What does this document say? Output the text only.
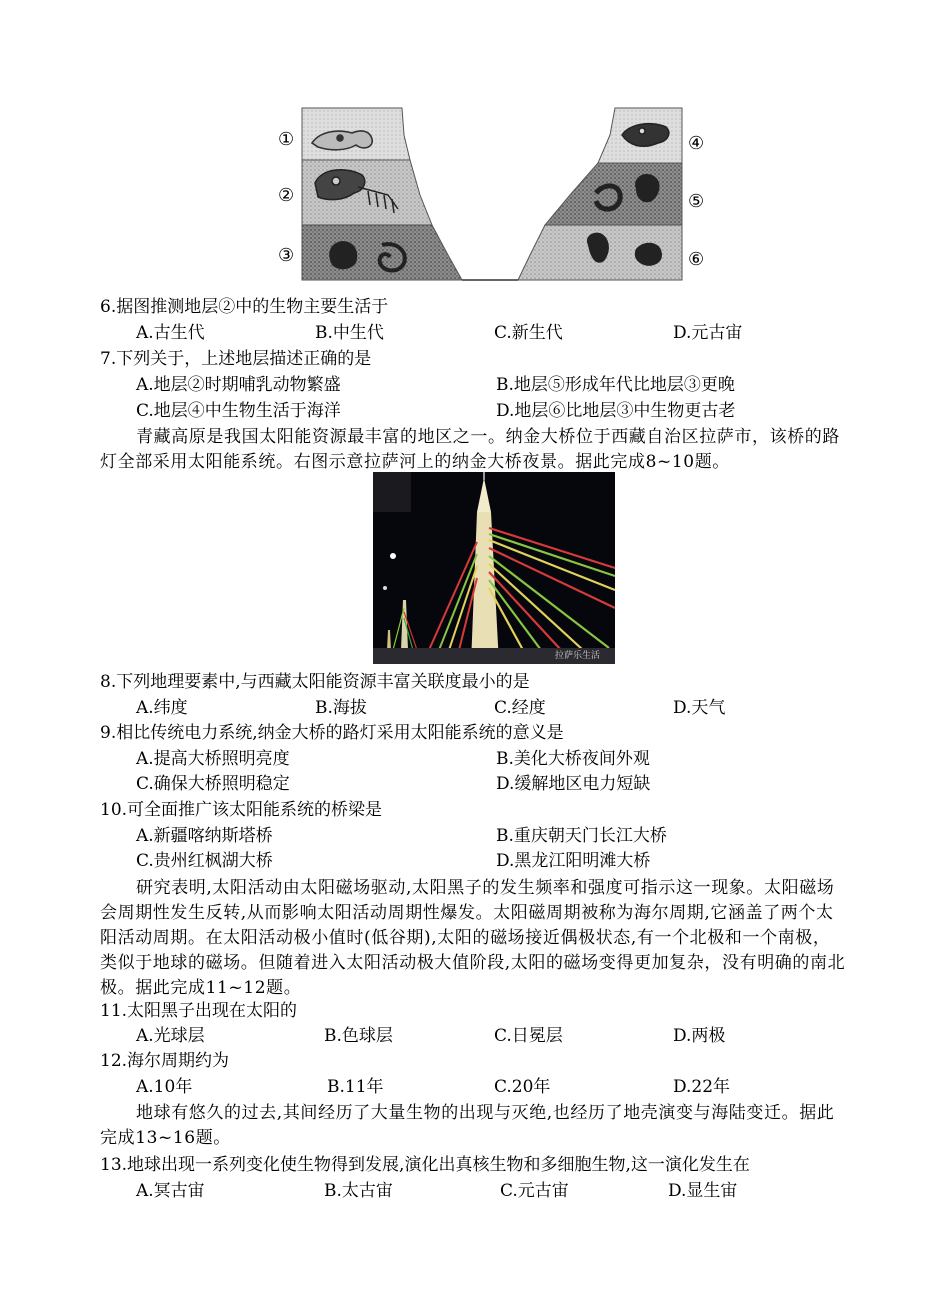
①
②
③
④
⑤
⑥
6.据图推测地层②中的生物主要生活于
A.古生代	B.中生代	C.新生代	D.元古宙
7.下列关于，上述地层描述正确的是
A.地层②时期哺乳动物繁盛	B.地层⑤形成年代比地层③更晚
C.地层④中生物生活于海洋	D.地层⑥比地层③中生物更古老
青藏高原是我国太阳能资源最丰富的地区之一。纳金大桥位于西藏自治区拉萨市，该桥的路灯全部采用太阳能系统。右图示意拉萨河上的纳金大桥夜景。据此完成8~10题。
拉萨乐生活
8.下列地理要素中,与西藏太阳能资源丰富关联度最小的是
A.纬度	B.海拔	C.经度	D.天气
9.相比传统电力系统,纳金大桥的路灯采用太阳能系统的意义是
A.提高大桥照明亮度	B.美化大桥夜间外观
C.确保大桥照明稳定	D.缓解地区电力短缺
10.可全面推广该太阳能系统的桥梁是
A.新疆喀纳斯塔桥	B.重庆朝天门长江大桥
C.贵州红枫湖大桥	D.黑龙江阳明滩大桥
研究表明,太阳活动由太阳磁场驱动,太阳黑子的发生频率和强度可指示这一现象。太阳磁场会周期性发生反转,从而影响太阳活动周期性爆发。太阳磁周期被称为海尔周期,它涵盖了两个太阳活动周期。在太阳活动极小值时(低谷期),太阳的磁场接近偶极状态,有一个北极和一个南极， 类似于地球的磁场。但随着进入太阳活动极大值阶段,太阳的磁场变得更加复杂，没有明确的南北极。据此完成11~12题。
11.太阳黑子出现在太阳的
A.光球层	B.色球层	C.日冕层	D.两极
12.海尔周期约为
A.10年	B.11年	C.20年	D.22年
地球有悠久的过去,其间经历了大量生物的出现与灭绝,也经历了地壳演变与海陆变迁。据此完成13~16题。
13.地球出现一系列变化使生物得到发展,演化出真核生物和多细胞生物,这一演化发生在
A.冥古宙	B.太古宙	C.元古宙	D.显生宙
